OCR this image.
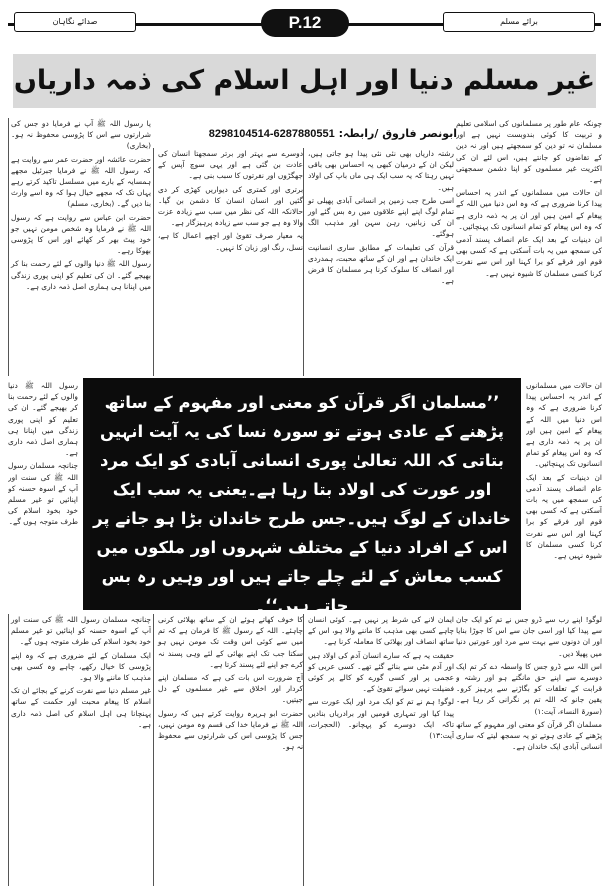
صدائے نگاہان	P.12	برائے مسلم
غیر مسلم دنیا اور اہل اسلام کی ذمہ داریاں
ابونصر فاروق /رابطہ: 8298104514-6287880551

چونکہ عام طور پر مسلمانوں کی اسلامی تعلیم و تربیت کا کوئی بندوبست نہیں ہے اور مسلمان نہ تو دین کو سمجھتے ہیں اور نہ دین کے تقاضوں کو جانتے ہیں، اس لئے ان کی اکثریت غیر مسلموں کو اپنا دشمن سمجھتی ہے۔

ان حالات میں مسلمانوں کے اندر یہ احساس پیدا کرنا ضروری ہے کہ وہ اس دنیا میں اللہ کے پیغام کے امین ہیں اور ان پر یہ ذمہ داری ہے کہ وہ اس پیغام کو تمام انسانوں تک پہنچائیں۔

ان دینیات کے بعد ایک عام انصاف پسند آدمی کی سمجھ میں یہ بات آسکتی ہے کہ کسی بھی قوم اور فرقے کو برا کہنا اور اس سے نفرت کرنا کسی مسلمان کا شیوہ نہیں ہے۔

رشتہ داریاں بھی نئی نئی پیدا ہو جاتی ہیں، لیکن ان کے درمیان کبھی یہ احساس بھی باقی نہیں رہتا کہ یہ سب ایک ہی ماں باپ کی اولاد ہیں۔

اسی طرح جب زمین پر انسانی آبادی پھیلی تو تمام لوگ اپنے اپنے علاقوں میں رہ بس گئے اور ان کی زبانیں، رہن سہن اور مذہب الگ ہوگئے۔

قرآن کی تعلیمات کے مطابق ساری انسانیت ایک خاندان ہے اور ان کے ساتھ محبت، ہمدردی اور انصاف کا سلوک کرنا ہر مسلمان کا فرض ہے۔

دوسرے سے بہتر اور برتر سمجھتا انسان کی عادت بن گئی ہے اور یہی سوچ آپس کے جھگڑوں اور نفرتوں کا سبب بنی ہے۔

برتری اور کمتری کی دیواریں کھڑی کر دی گئیں اور انسان انسان کا دشمن بن گیا۔ حالانکہ اللہ کی نظر میں سب سے زیادہ عزت والا وہ ہے جو سب سے زیادہ پرہیزگار ہے۔

یہ معیار صرف تقویٰ اور اچھے اعمال کا ہے، نسل، رنگ اور زبان کا نہیں۔

یا رسول اللہ ﷺ آپ نے فرمایا دو جس کی شرارتوں سے اس کا پڑوسی محفوظ نہ ہو۔ (بخاری)

حضرت عائشہ اور حضرت عمر سے روایت ہے کہ رسول اللہ ﷺ نے فرمایا جبرئیل مجھے ہمسایہ کے بارے میں مسلسل تاکید کرتے رہے یہاں تک کہ مجھے خیال ہوا کہ وہ اسے وارث بنا دیں گے۔ (بخاری، مسلم)

حضرت ابن عباس سے روایت ہے کہ رسول اللہ ﷺ نے فرمایا وہ شخص مومن نہیں جو خود پیٹ بھر کر کھائے اور اس کا پڑوسی بھوکا رہے۔

رسول اللہ ﷺ دنیا والوں کے لئے رحمت بنا کر بھیجے گئے۔ ان کی تعلیم کو اپنی پوری زندگی میں اپنانا ہی ہماری اصل ذمہ داری ہے۔

ان حالات میں مسلمانوں کے اندر یہ احساس پیدا کرنا ضروری ہے کہ وہ اس دنیا میں اللہ کے پیغام کے امین ہیں اور ان پر یہ ذمہ داری ہے کہ وہ اس پیغام کو تمام انسانوں تک پہنچائیں۔

ان دینیات کے بعد ایک عام انصاف پسند آدمی کی سمجھ میں یہ بات آسکتی ہے کہ کسی بھی قوم اور فرقے کو برا کہنا اور اس سے نفرت کرنا کسی مسلمان کا شیوہ نہیں ہے۔

رسول اللہ ﷺ دنیا والوں کے لئے رحمت بنا کر بھیجے گئے۔ ان کی تعلیم کو اپنی پوری زندگی میں اپنانا ہی ہماری اصل ذمہ داری ہے۔

چنانچہ مسلمان رسول اللہ ﷺ کی سنت اور آپ کے اسوہ حسنہ کو اپنائیں تو غیر مسلم خود بخود اسلام کی طرف متوجہ ہوں گے۔

’’مسلمان اگر قرآن کو معنی اور مفہوم کے ساتھ پڑھنے کے عادی ہوتے تو سورہ نسا کی یہ آیت انہیں بتاتی کہ اللہ تعالیٰ پوری انسانی آبادی کو ایک مرد اور عورت کی اولاد بتا رہا ہے۔یعنی یہ سب ایک خاندان کے لوگ ہیں۔جس طرح خاندان بڑا ہو جانے پر اس کے افراد دنیا کے مختلف شہروں اور ملکوں میں کسب معاش کے لئے چلے جاتے ہیں اور وہیں رہ بس جاتے ہیں‘‘۔

لوگو! اپنے رب سے ڈرو جس نے تم کو ایک جان سے پیدا کیا اور اسی جان سے اس کا جوڑا بنایا اور ان دونوں سے بہت سے مرد اور عورتیں دنیا میں پھیلا دیں۔

اس اللہ سے ڈرو جس کا واسطہ دے کر تم ایک دوسرے سے اپنے حق مانگتے ہو اور رشتہ و قرابت کے تعلقات کو بگاڑنے سے پرہیز کرو۔ یقین جانو کہ اللہ تم پر نگرانی کر رہا ہے۔ (سورۃ النساء، آیت:۱)

مسلمان اگر قرآن کو معنی اور مفہوم کے ساتھ پڑھنے کے عادی ہوتے تو یہ سمجھ لیتے کہ ساری انسانی آبادی ایک خاندان ہے۔

ایمان لانے کی شرط پر نہیں ہے۔ کوئی انسان چاہے کسی بھی مذہب کا ماننے والا ہو، اس کے ساتھ انصاف اور بھلائی کا معاملہ کرنا ہے۔

حقیقت یہ ہے کہ سارے انسان آدم کی اولاد ہیں اور آدم مٹی سے بنائے گئے تھے۔ کسی عربی کو عجمی پر اور کسی گورے کو کالے پر کوئی فضیلت نہیں سوائے تقویٰ کے۔

لوگو! ہم نے تم کو ایک مرد اور ایک عورت سے پیدا کیا اور تمہاری قومیں اور برادریاں بنادیں تاکہ ایک دوسرے کو پہچانو۔ (الحجرات، آیت:۱۳)

کا خوف کھاتے ہوئے ان کے ساتھ بھلائی کرنی چاہئے۔ اللہ کے رسول ﷺ کا فرمان ہے کہ تم میں سے کوئی اس وقت تک مومن نہیں ہو سکتا جب تک اپنے بھائی کے لئے وہی پسند نہ کرے جو اپنے لئے پسند کرتا ہے۔

آج ضرورت اس بات کی ہے کہ مسلمان اپنے کردار اور اخلاق سے غیر مسلموں کے دل جیتیں۔

حضرت ابو ہریرہ روایت کرتے ہیں کہ رسول اللہ ﷺ نے فرمایا خدا کی قسم وہ مومن نہیں، جس کا پڑوسی اس کی شرارتوں سے محفوظ نہ ہو۔

چنانچہ مسلمان رسول اللہ ﷺ کی سنت اور آپ کے اسوہ حسنہ کو اپنائیں تو غیر مسلم خود بخود اسلام کی طرف متوجہ ہوں گے۔

ایک مسلمان کے لئے ضروری ہے کہ وہ اپنے پڑوسی کا خیال رکھے، چاہے وہ کسی بھی مذہب کا ماننے والا ہو۔

غیر مسلم دنیا سے نفرت کرنے کے بجائے ان تک اسلام کا پیغام محبت اور حکمت کے ساتھ پہنچانا ہی اہل اسلام کی اصل ذمہ داری ہے۔
